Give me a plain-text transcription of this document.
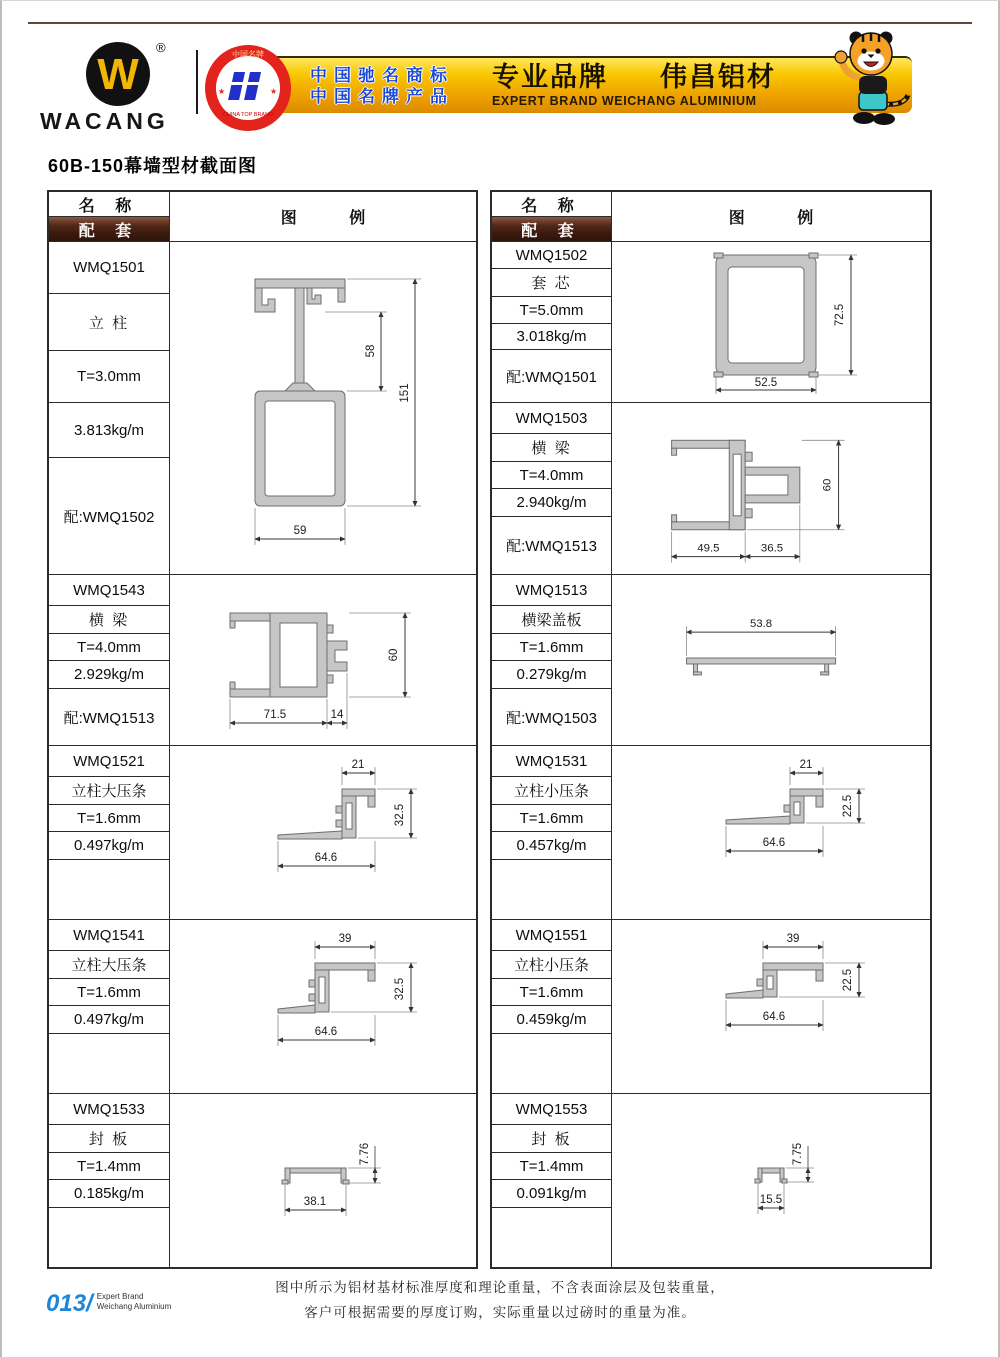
W
®
WACANG
中国驰名商标
中国名牌产品
专业品牌 伟昌铝材
EXPERT BRAND WEICHANG ALUMINIUM
中国名牌
★	★
CHINA TOP BRAND
60B-150幕墙型材截面图
名 称
配 套
图 例
WMQ1501
立 柱
T=3.0mm
3.813kg/m
配:WMQ1502
58
151
59
WMQ1543
横 梁
T=4.0mm
2.929kg/m
配:WMQ1513
60
71.5	14
WMQ1521
立柱大压条
T=1.6mm
0.497kg/m
21
32.5
64.6
WMQ1541
立柱大压条
T=1.6mm
0.497kg/m
39
32.5
64.6
WMQ1533
封 板
T=1.4mm
0.185kg/m
7.76
38.1
名 称
配 套
图 例
WMQ1502
套 芯
T=5.0mm
3.018kg/m
配:WMQ1501
72.5
52.5
WMQ1503
横 梁
T=4.0mm
2.940kg/m
配:WMQ1513
60
49.5	36.5
WMQ1513
横梁盖板
T=1.6mm
0.279kg/m
配:WMQ1503
53.8
WMQ1531
立柱小压条
T=1.6mm
0.457kg/m
21
22.5
64.6
WMQ1551
立柱小压条
T=1.6mm
0.459kg/m
39
22.5
64.6
WMQ1553
封 板
T=1.4mm
0.091kg/m
7.75
15.5
图中所示为铝材基材标准厚度和理论重量，不含表面涂层及包装重量，
客户可根据需要的厚度订购，实际重量以过磅时的重量为准。
013/ Expert Brand
Weichang Aluminium
